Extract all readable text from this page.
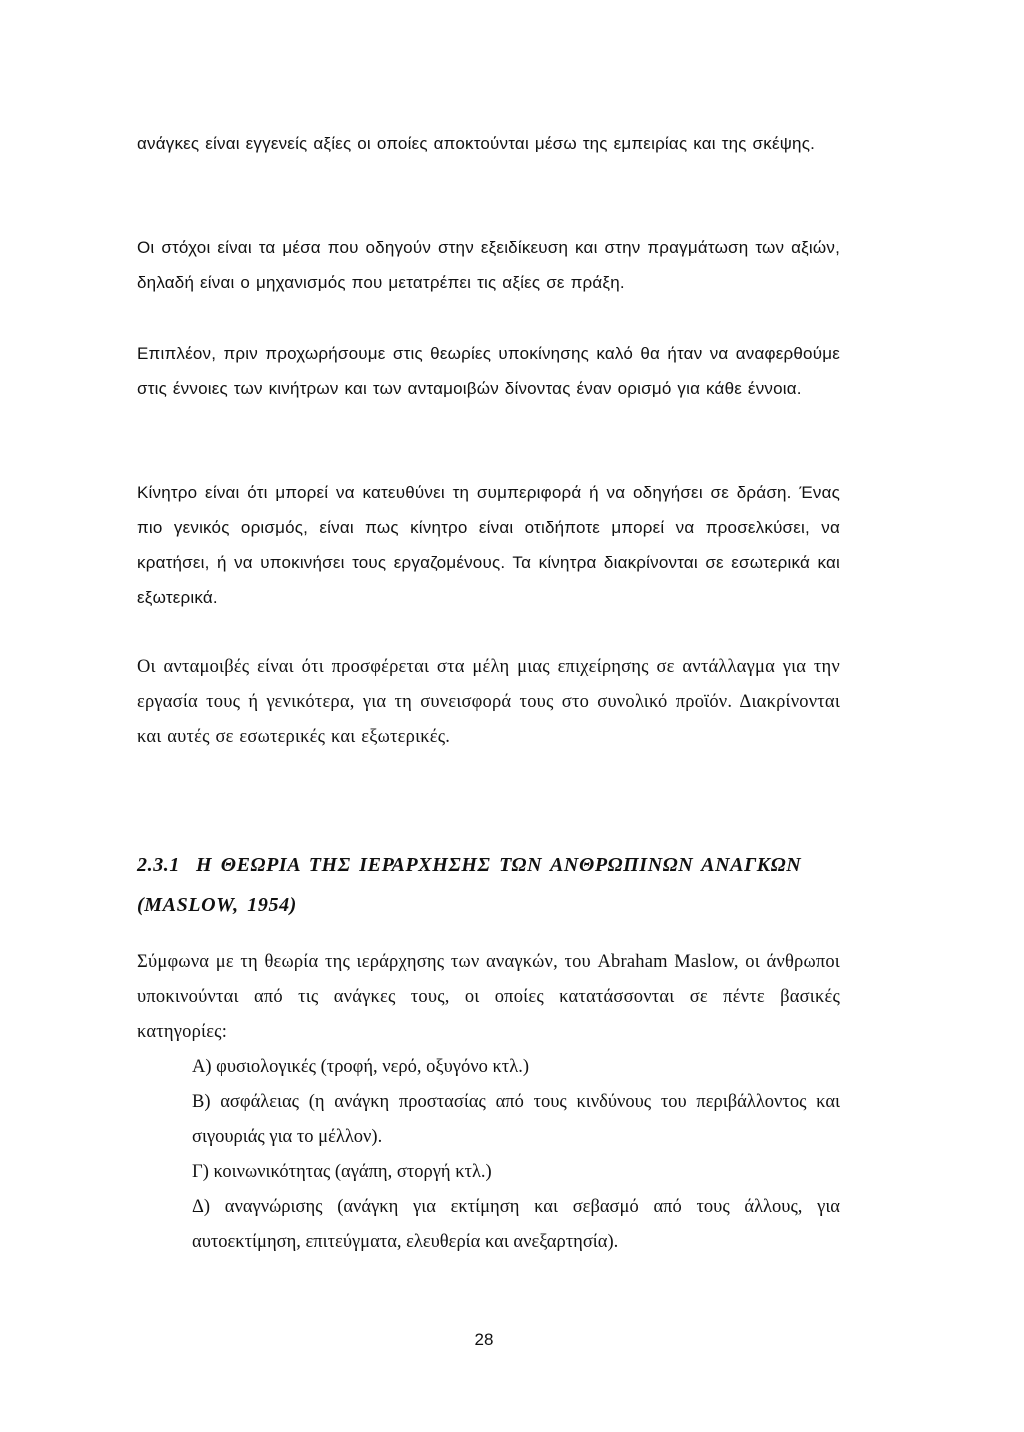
ανάγκες είναι εγγενείς αξίες οι οποίες αποκτούνται μέσω της εμπειρίας και της σκέψης.

Οι στόχοι είναι τα μέσα που οδηγούν στην εξειδίκευση και στην πραγμάτωση των αξιών, δηλαδή είναι ο μηχανισμός που μετατρέπει τις αξίες σε πράξη.

Επιπλέον, πριν προχωρήσουμε στις θεωρίες υποκίνησης καλό θα ήταν να αναφερθούμε στις έννοιες των κινήτρων και των ανταμοιβών δίνοντας έναν ορισμό για κάθε έννοια.

Κίνητρο είναι ότι μπορεί να κατευθύνει τη συμπεριφορά ή να οδηγήσει σε δράση. Ένας πιο γενικός ορισμός, είναι πως κίνητρο είναι οτιδήποτε μπορεί να προσελκύσει, να κρατήσει, ή να υποκινήσει τους εργαζομένους. Τα κίνητρα διακρίνονται σε εσωτερικά και εξωτερικά.

Οι ανταμοιβές είναι ότι προσφέρεται στα μέλη μιας επιχείρησης σε αντάλλαγμα για την εργασία τους ή γενικότερα, για τη συνεισφορά τους στο συνολικό προϊόν. Διακρίνονται και αυτές σε εσωτερικές και εξωτερικές.

2.3.1 Η ΘΕΩΡΙΑ ΤΗΣ ΙΕΡΑΡΧΗΣΗΣ ΤΩΝ ΑΝΘΡΩΠΙΝΩΝ ΑΝΑΓΚΩΝ (MASLOW, 1954)

Σύμφωνα με τη θεωρία της ιεράρχησης των αναγκών, του Abraham Maslow, οι άνθρωποι υποκινούνται από τις ανάγκες τους, οι οποίες κατατάσσονται σε πέντε βασικές κατηγορίες:

Α) φυσιολογικές (τροφή, νερό, οξυγόνο κτλ.)
Β) ασφάλειας (η ανάγκη προστασίας από τους κινδύνους του περιβάλλοντος και σιγουριάς για το μέλλον).
Γ) κοινωνικότητας (αγάπη, στοργή κτλ.)
Δ) αναγνώρισης (ανάγκη για εκτίμηση και σεβασμό από τους άλλους, για αυτοεκτίμηση, επιτεύγματα, ελευθερία και ανεξαρτησία).
28
